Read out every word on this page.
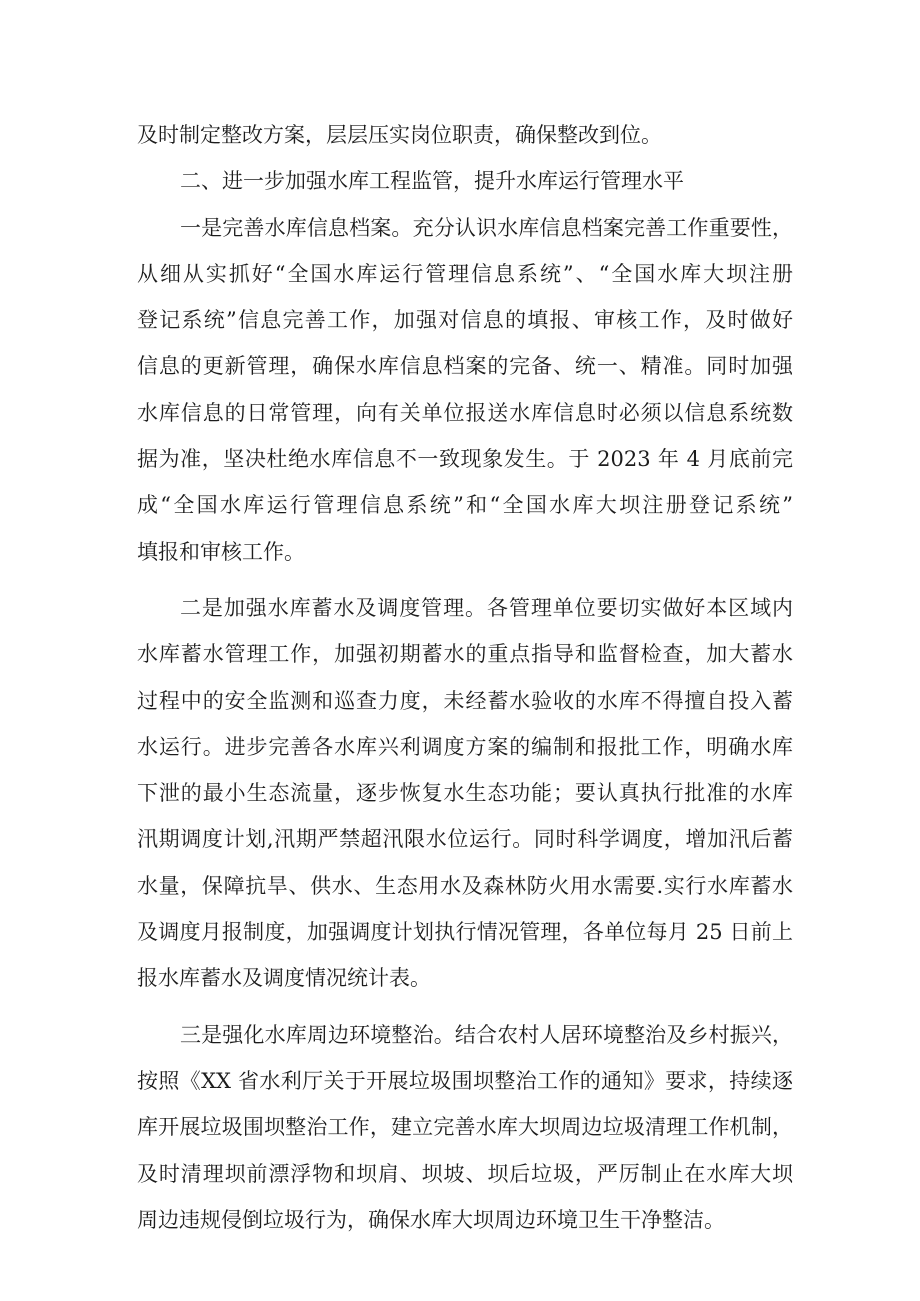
及时制定整改方案，层层压实岗位职责，确保整改到位。
二、进一步加强水库工程监管，提升水库运行管理水平
一是完善水库信息档案。充分认识水库信息档案完善工作重要性，
从细从实抓好“全国水库运行管理信息系统”、“全国水库大坝注册
登记系统”信息完善工作，加强对信息的填报、审核工作，及时做好
信息的更新管理，确保水库信息档案的完备、统一、精准。同时加强
水库信息的日常管理，向有关单位报送水库信息时必须以信息系统数
据为准，坚决杜绝水库信息不一致现象发生。于 2023 年 4 月底前完
成“全国水库运行管理信息系统”和“全国水库大坝注册登记系统”
填报和审核工作。
二是加强水库蓄水及调度管理。各管理单位要切实做好本区域内
水库蓄水管理工作，加强初期蓄水的重点指导和监督检查，加大蓄水
过程中的安全监测和巡查力度，未经蓄水验收的水库不得擅自投入蓄
水运行。进步完善各水库兴利调度方案的编制和报批工作，明确水库
下泄的最小生态流量，逐步恢复水生态功能；要认真执行批准的水库
汛期调度计划,汛期严禁超汛限水位运行。同时科学调度，增加汛后蓄
水量，保障抗旱、供水、生态用水及森林防火用水需要.实行水库蓄水
及调度月报制度，加强调度计划执行情况管理，各单位每月 25 日前上
报水库蓄水及调度情况统计表。
三是强化水库周边环境整治。结合农村人居环境整治及乡村振兴，
按照《XX 省水利厅关于开展垃圾围坝整治工作的通知》要求，持续逐
库开展垃圾围坝整治工作，建立完善水库大坝周边垃圾清理工作机制，
及时清理坝前漂浮物和坝肩、坝坡、坝后垃圾，严厉制止在水库大坝
周边违规侵倒垃圾行为，确保水库大坝周边环境卫生干净整洁。
